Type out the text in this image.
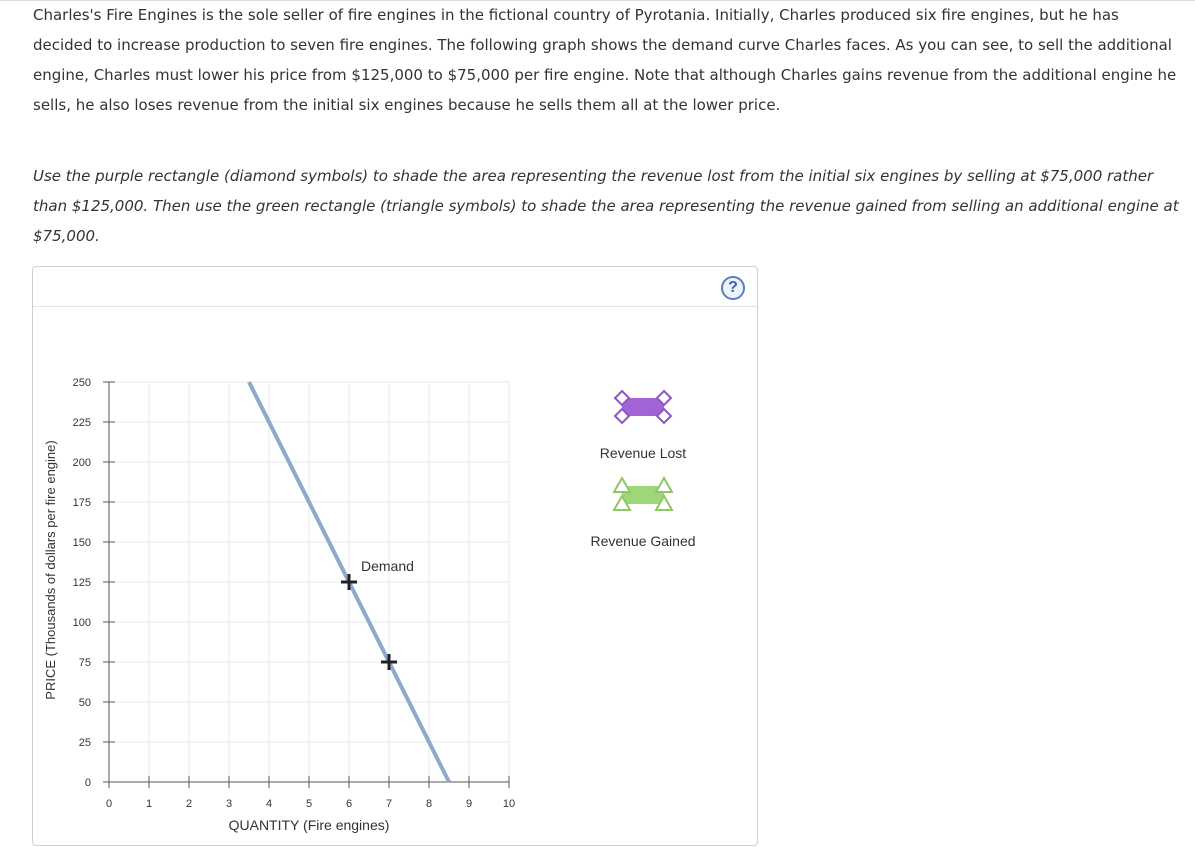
Charles's Fire Engines is the sole seller of fire engines in the fictional country of Pyrotania. Initially, Charles produced six fire engines, but he has decided to increase production to seven fire engines. The following graph shows the demand curve Charles faces. As you can see, to sell the additional engine, Charles must lower his price from $125,000 to $75,000 per fire engine. Note that although Charles gains revenue from the additional engine he sells, he also loses revenue from the initial six engines because he sells them all at the lower price.
Use the purple rectangle (diamond symbols) to shade the area representing the revenue lost from the initial six engines by selling at $75,000 rather than $125,000. Then use the green rectangle (triangle symbols) to shade the area representing the revenue gained from selling an additional engine at $75,000.
?
0
25
50
75
100
125
150
175
200
225
250
0	1	2	3	4	5	6	7	8	9	10
QUANTITY (Fire engines)
PRICE (Thousands of dollars per fire engine)	Demand
Revenue Lost
Revenue Gained
